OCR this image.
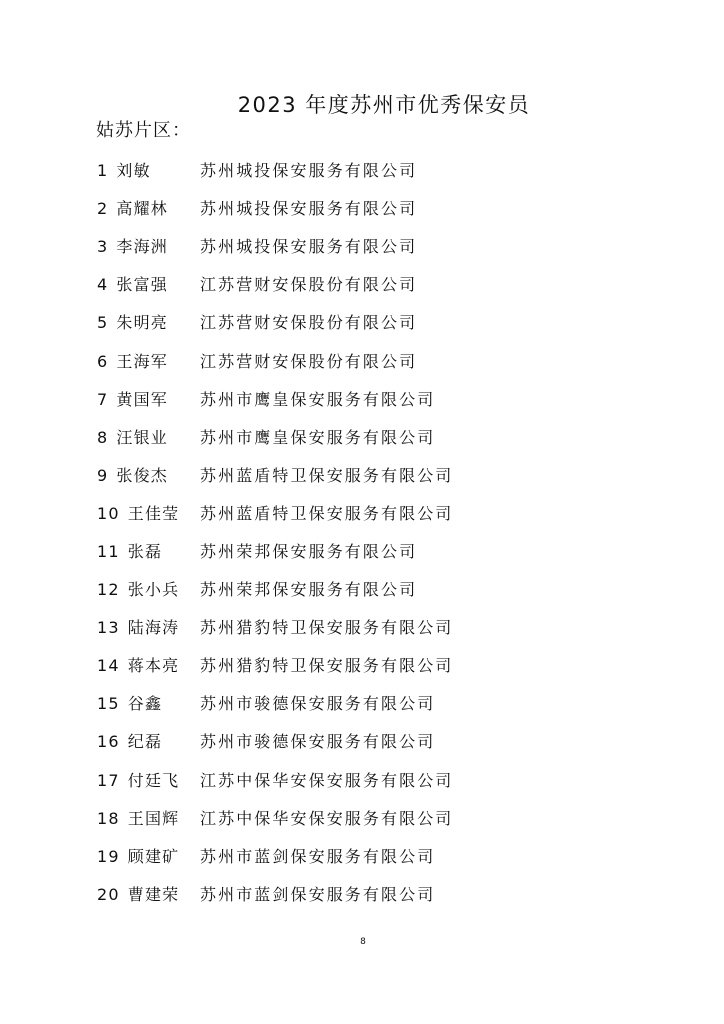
2023 年度苏州市优秀保安员
姑苏片区：
1 刘敏	苏州城投保安服务有限公司
2 高耀林 苏州城投保安服务有限公司
3 李海洲 苏州城投保安服务有限公司
4 张富强 江苏营财安保股份有限公司
5 朱明亮 江苏营财安保股份有限公司
6 王海军 江苏营财安保股份有限公司
7 黄国军 苏州市鹰皇保安服务有限公司
8 汪银业 苏州市鹰皇保安服务有限公司
9 张俊杰 苏州蓝盾特卫保安服务有限公司
10 王佳莹 苏州蓝盾特卫保安服务有限公司
11 张磊	苏州荣邦保安服务有限公司
12 张小兵 苏州荣邦保安服务有限公司
13 陆海涛 苏州猎豹特卫保安服务有限公司
14 蒋本亮 苏州猎豹特卫保安服务有限公司
15 谷鑫	苏州市骏德保安服务有限公司
16 纪磊	苏州市骏德保安服务有限公司
17 付廷飞 江苏中保华安保安服务有限公司
18 王国辉 江苏中保华安保安服务有限公司
19 顾建矿 苏州市蓝剑保安服务有限公司
20 曹建荣 苏州市蓝剑保安服务有限公司
8
